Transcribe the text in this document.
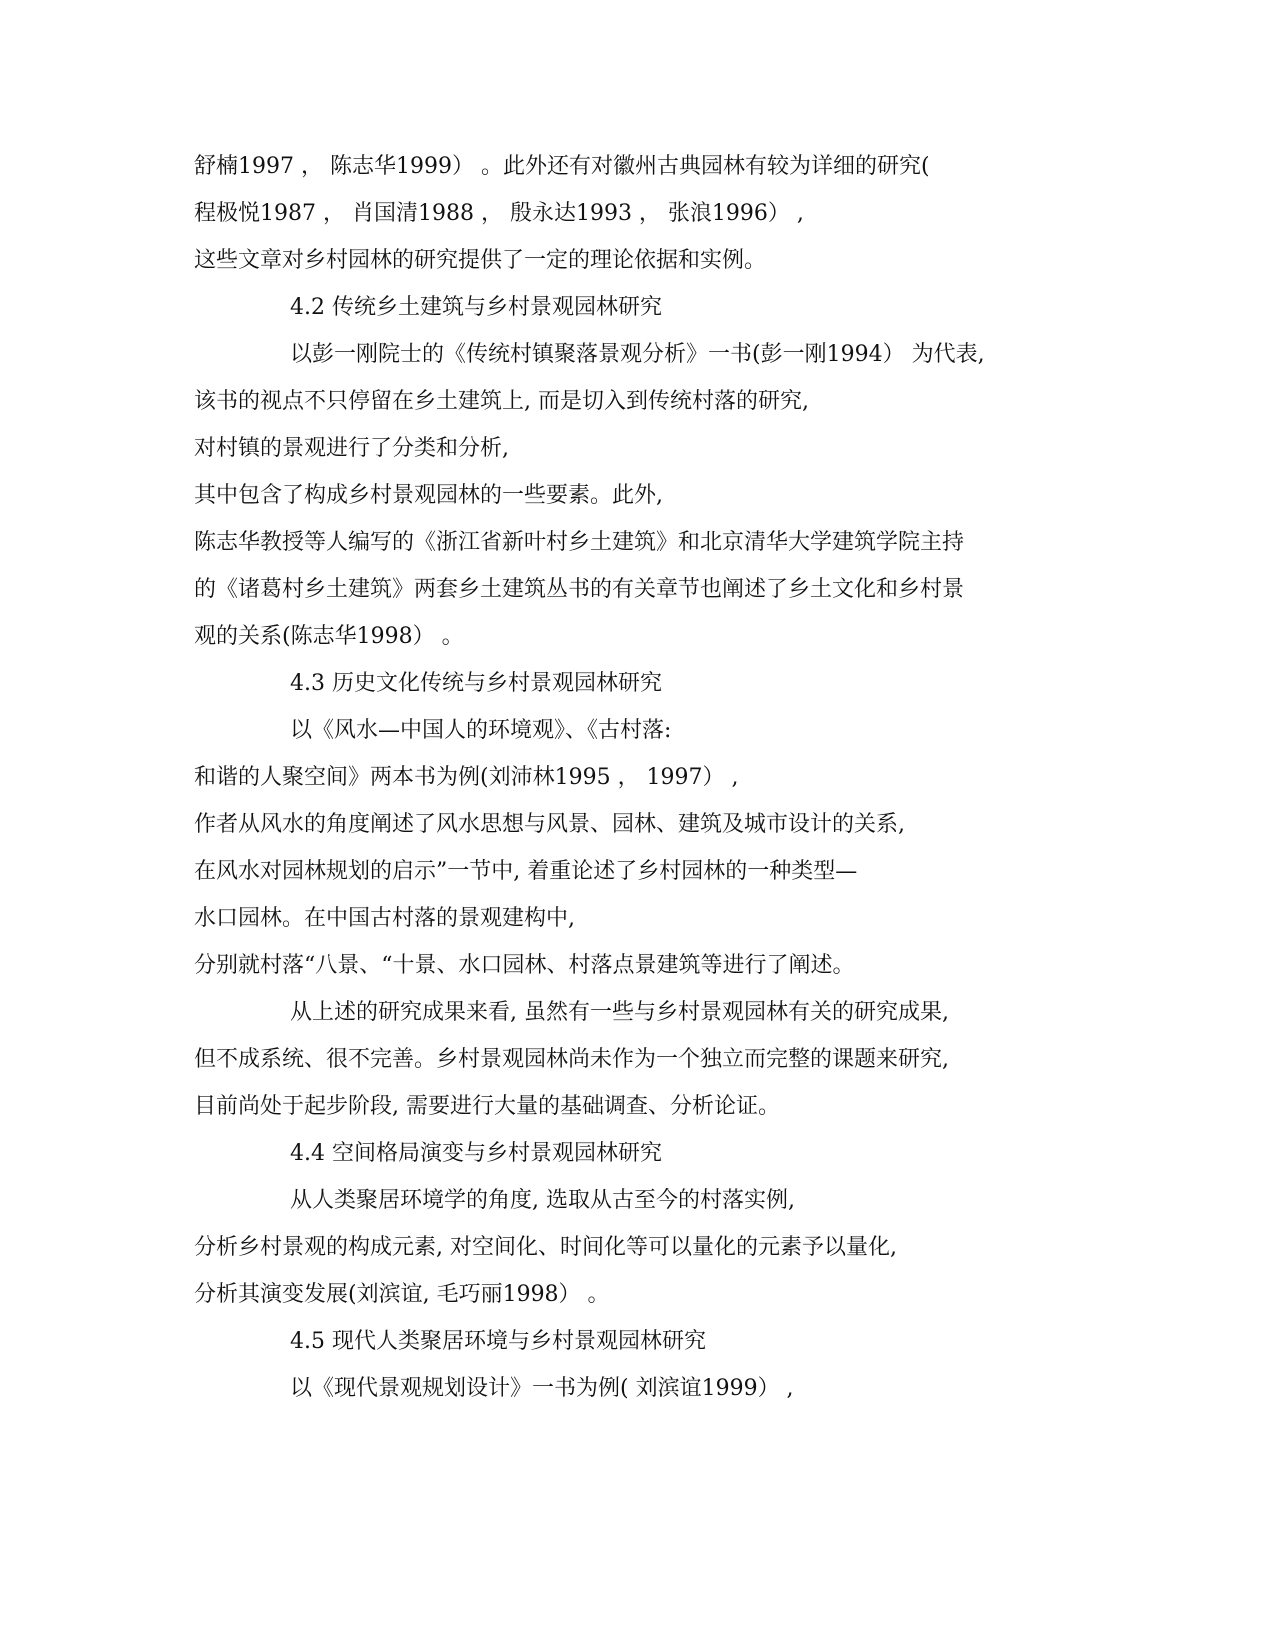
舒楠1997 ， 陈志华1999） 。此外还有对徽州古典园林有较为详细的研究(
程极悦1987 ， 肖国清1988 ， 殷永达1993 ， 张浪1996） ,
这些文章对乡村园林的研究提供了一定的理论依据和实例。
4.2 传统乡土建筑与乡村景观园林研究
以彭一刚院士的《传统村镇聚落景观分析》一书(彭一刚1994） 为代表,
该书的视点不只停留在乡土建筑上, 而是切入到传统村落的研究,
对村镇的景观进行了分类和分析,
其中包含了构成乡村景观园林的一些要素。此外,
陈志华教授等人编写的《浙江省新叶村乡土建筑》和北京清华大学建筑学院主持
的《诸葛村乡土建筑》两套乡土建筑丛书的有关章节也阐述了乡土文化和乡村景
观的关系(陈志华1998） 。
4.3 历史文化传统与乡村景观园林研究
以《风水—中国人的环境观》、《古村落:
和谐的人聚空间》两本书为例(刘沛林1995 ， 1997） ,
作者从风水的角度阐述了风水思想与风景、园林、建筑及城市设计的关系,
在风水对园林规划的启示”一节中, 着重论述了乡村园林的一种类型—
水口园林。在中国古村落的景观建构中,
分别就村落“八景、“十景、水口园林、村落点景建筑等进行了阐述。
从上述的研究成果来看, 虽然有一些与乡村景观园林有关的研究成果,
但不成系统、很不完善。乡村景观园林尚未作为一个独立而完整的课题来研究,
目前尚处于起步阶段, 需要进行大量的基础调查、分析论证。
4.4 空间格局演变与乡村景观园林研究
从人类聚居环境学的角度, 选取从古至今的村落实例,
分析乡村景观的构成元素, 对空间化、时间化等可以量化的元素予以量化,
分析其演变发展(刘滨谊, 毛巧丽1998） 。
4.5 现代人类聚居环境与乡村景观园林研究
以《现代景观规划设计》一书为例( 刘滨谊1999） ,
